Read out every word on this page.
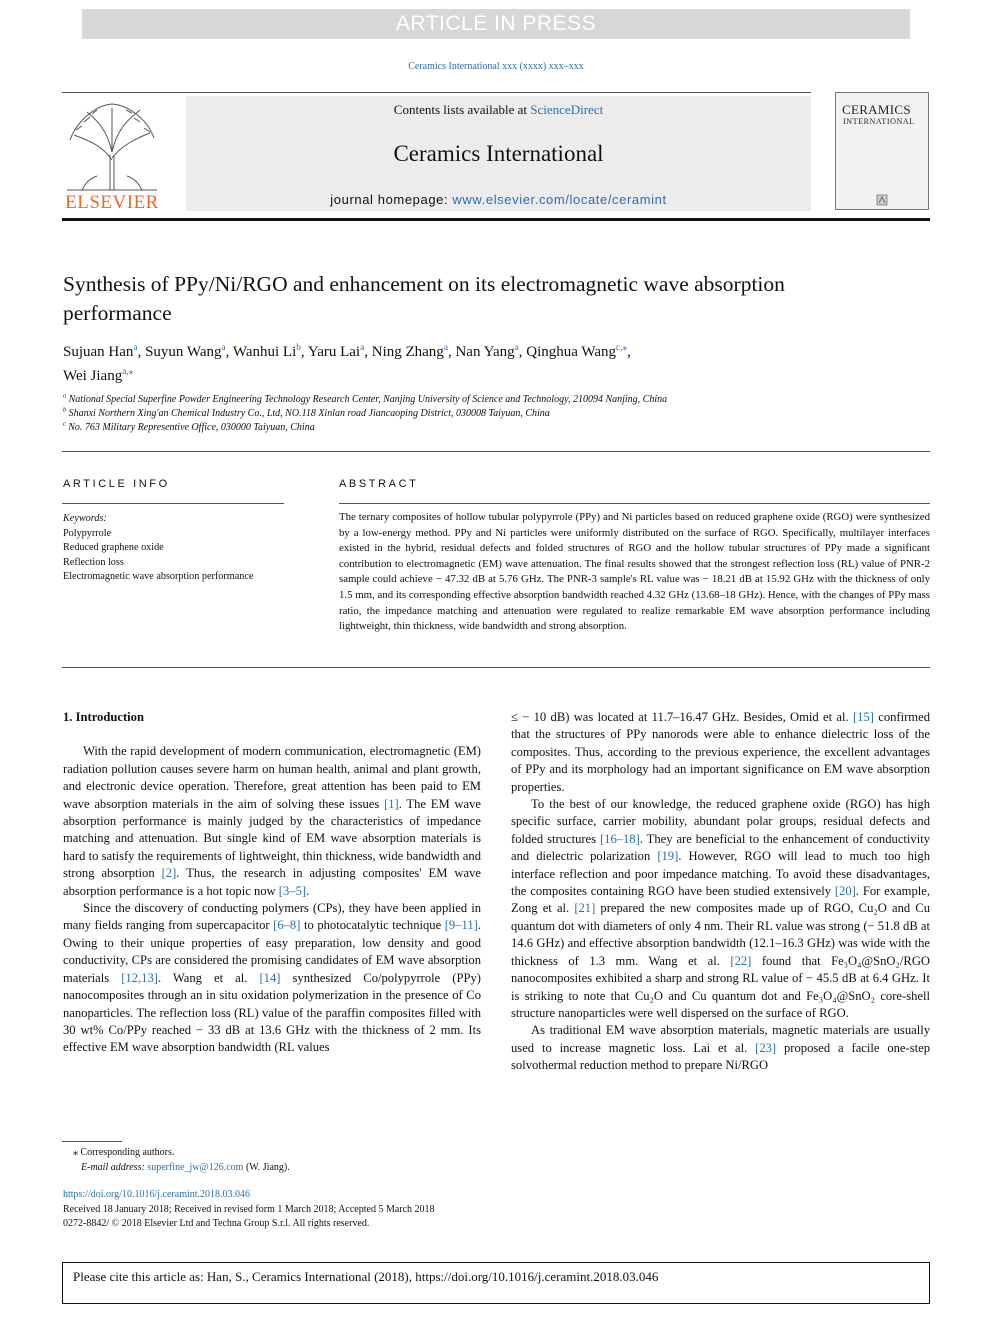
ARTICLE IN PRESS
Ceramics International xxx (xxxx) xxx–xxx
ELSEVIER
Contents lists available at ScienceDirect
Ceramics International
journal homepage: www.elsevier.com/locate/ceramint
CERAMICS
INTERNATIONAL
Synthesis of PPy/Ni/RGO and enhancement on its electromagnetic wave absorption performance
Sujuan Han$^a$, Suyun Wang$^a$, Wanhui Li$^b$, Yaru Lai$^a$, Ning Zhang$^a$, Nan Yang$^a$, Qinghua Wang$^{c,⁎}$,
Wei Jiang$^{a,⁎}$
$^a$ National Special Superfine Powder Engineering Technology Research Center, Nanjing University of Science and Technology, 210094 Nanjing, China
$^b$ Shanxi Northern Xing'an Chemical Industry Co., Ltd, NO.118 Xinlan road Jiancaoping District, 030008 Taiyuan, China
$^c$ No. 763 Military Representive Office, 030000 Taiyuan, China
ARTICLE INFO	ABSTRACT
Keywords:
Polypyrrole
Reduced graphene oxide
Reflection loss
Electromagnetic wave absorption performance
The ternary composites of hollow tubular polypyrrole (PPy) and Ni particles based on reduced graphene oxide (RGO) were synthesized by a low-energy method. PPy and Ni particles were uniformly distributed on the surface of RGO. Specifically, multilayer interfaces existed in the hybrid, residual defects and folded structures of RGO and the hollow tubular structures of PPy made a significant contribution to electromagnetic (EM) wave attenuation. The final results showed that the strongest reflection loss (RL) value of PNR-2 sample could achieve − 47.32 dB at 5.76 GHz. The PNR-3 sample's RL value was − 18.21 dB at 15.92 GHz with the thickness of only 1.5 mm, and its corresponding effective absorption bandwidth reached 4.32 GHz (13.68–18 GHz). Hence, with the changes of PPy mass ratio, the impedance matching and attenuation were regulated to realize remarkable EM wave absorption performance including lightweight, thin thickness, wide bandwidth and strong absorption.

1. Introduction

With the rapid development of modern communication, electromagnetic (EM) radiation pollution causes severe harm on human health, animal and plant growth, and electronic device operation. Therefore, great attention has been paid to EM wave absorption materials in the aim of solving these issues [1]. The EM wave absorption performance is mainly judged by the characteristics of impedance matching and attenuation. But single kind of EM wave absorption materials is hard to satisfy the requirements of lightweight, thin thickness, wide bandwidth and strong absorption [2]. Thus, the research in adjusting composites' EM wave absorption performance is a hot topic now [3–5].

Since the discovery of conducting polymers (CPs), they have been applied in many fields ranging from supercapacitor [6–8] to photocatalytic technique [9–11]. Owing to their unique properties of easy preparation, low density and good conductivity, CPs are considered the promising candidates of EM wave absorption materials [12,13]. Wang et al. [14] synthesized Co/polypyrrole (PPy) nanocomposites through an in situ oxidation polymerization in the presence of Co nanoparticles. The reflection loss (RL) value of the paraffin composites filled with 30 wt% Co/PPy reached − 33 dB at 13.6 GHz with the thickness of 2 mm. Its effective EM wave absorption bandwidth (RL values

≤ − 10 dB) was located at 11.7–16.47 GHz. Besides, Omid et al. [15] confirmed that the structures of PPy nanorods were able to enhance dielectric loss of the composites. Thus, according to the previous experience, the excellent advantages of PPy and its morphology had an important significance on EM wave absorption properties.

To the best of our knowledge, the reduced graphene oxide (RGO) has high specific surface, carrier mobility, abundant polar groups, residual defects and folded structures [16–18]. They are beneficial to the enhancement of conductivity and dielectric polarization [19]. However, RGO will lead to much too high interface reflection and poor impedance matching. To avoid these disadvantages, the composites containing RGO have been studied extensively [20]. For example, Zong et al. [21] prepared the new composites made up of RGO, Cu₂O and Cu quantum dot with diameters of only 4 nm. Their RL value was strong (− 51.8 dB at 14.6 GHz) and effective absorption bandwidth (12.1–16.3 GHz) was wide with the thickness of 1.3 mm. Wang et al. [22] found that Fe₃O₄@SnO₂/RGO nanocomposites exhibited a sharp and strong RL value of − 45.5 dB at 6.4 GHz. It is striking to note that Cu₂O and Cu quantum dot and Fe₃O₄@SnO₂ core-shell structure nanoparticles were well dispersed on the surface of RGO.

As traditional EM wave absorption materials, magnetic materials are usually used to increase magnetic loss. Lai et al. [23] proposed a facile one-step solvothermal reduction method to prepare Ni/RGO

⁎ Corresponding authors.
E-mail address: superfine_jw@126.com (W. Jiang).
https://doi.org/10.1016/j.ceramint.2018.03.046
Received 18 January 2018; Received in revised form 1 March 2018; Accepted 5 March 2018
0272-8842/ © 2018 Elsevier Ltd and Techna Group S.r.l. All rights reserved.
Please cite this article as: Han, S., Ceramics International (2018), https://doi.org/10.1016/j.ceramint.2018.03.046
